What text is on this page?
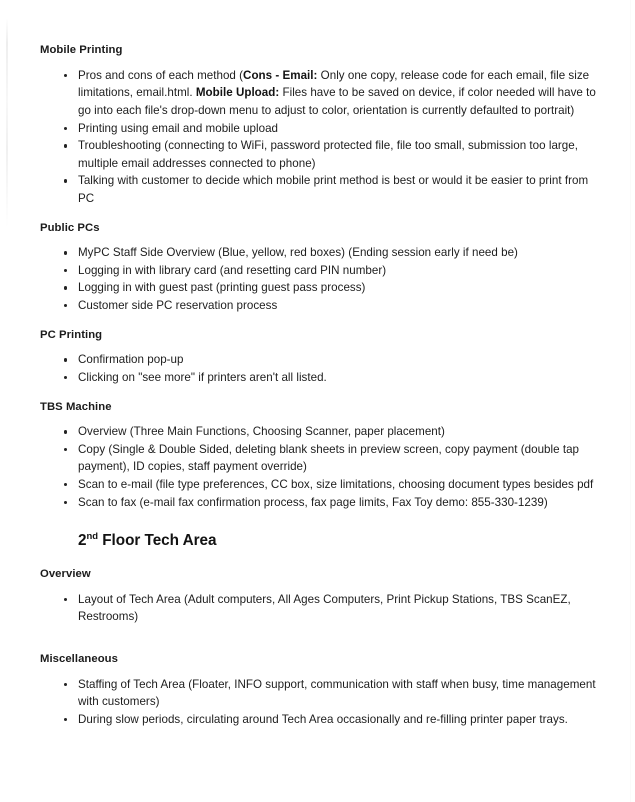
Mobile Printing
Pros and cons of each method (Cons - Email: Only one copy, release code for each email, file size limitations, email.html. Mobile Upload: Files have to be saved on device, if color needed will have to go into each file's drop-down menu to adjust to color, orientation is currently defaulted to portrait)
Printing using email and mobile upload
Troubleshooting (connecting to WiFi, password protected file, file too small, submission too large, multiple email addresses connected to phone)
Talking with customer to decide which mobile print method is best or would it be easier to print from PC
Public PCs
MyPC Staff Side Overview (Blue, yellow, red boxes) (Ending session early if need be)
Logging in with library card (and resetting card PIN number)
Logging in with guest past (printing guest pass process)
Customer side PC reservation process
PC Printing
Confirmation pop-up
Clicking on "see more" if printers aren't all listed.
TBS Machine
Overview (Three Main Functions, Choosing Scanner, paper placement)
Copy (Single & Double Sided, deleting blank sheets in preview screen, copy payment (double tap payment), ID copies, staff payment override)
Scan to e-mail (file type preferences, CC box, size limitations, choosing document types besides pdf
Scan to fax (e-mail fax confirmation process, fax page limits, Fax Toy demo: 855-330-1239)
2nd Floor Tech Area
Overview
Layout of Tech Area (Adult computers, All Ages Computers, Print Pickup Stations, TBS ScanEZ, Restrooms)
Miscellaneous
Staffing of Tech Area (Floater, INFO support, communication with staff when busy, time management with customers)
During slow periods, circulating around Tech Area occasionally and re-filling printer paper trays.
